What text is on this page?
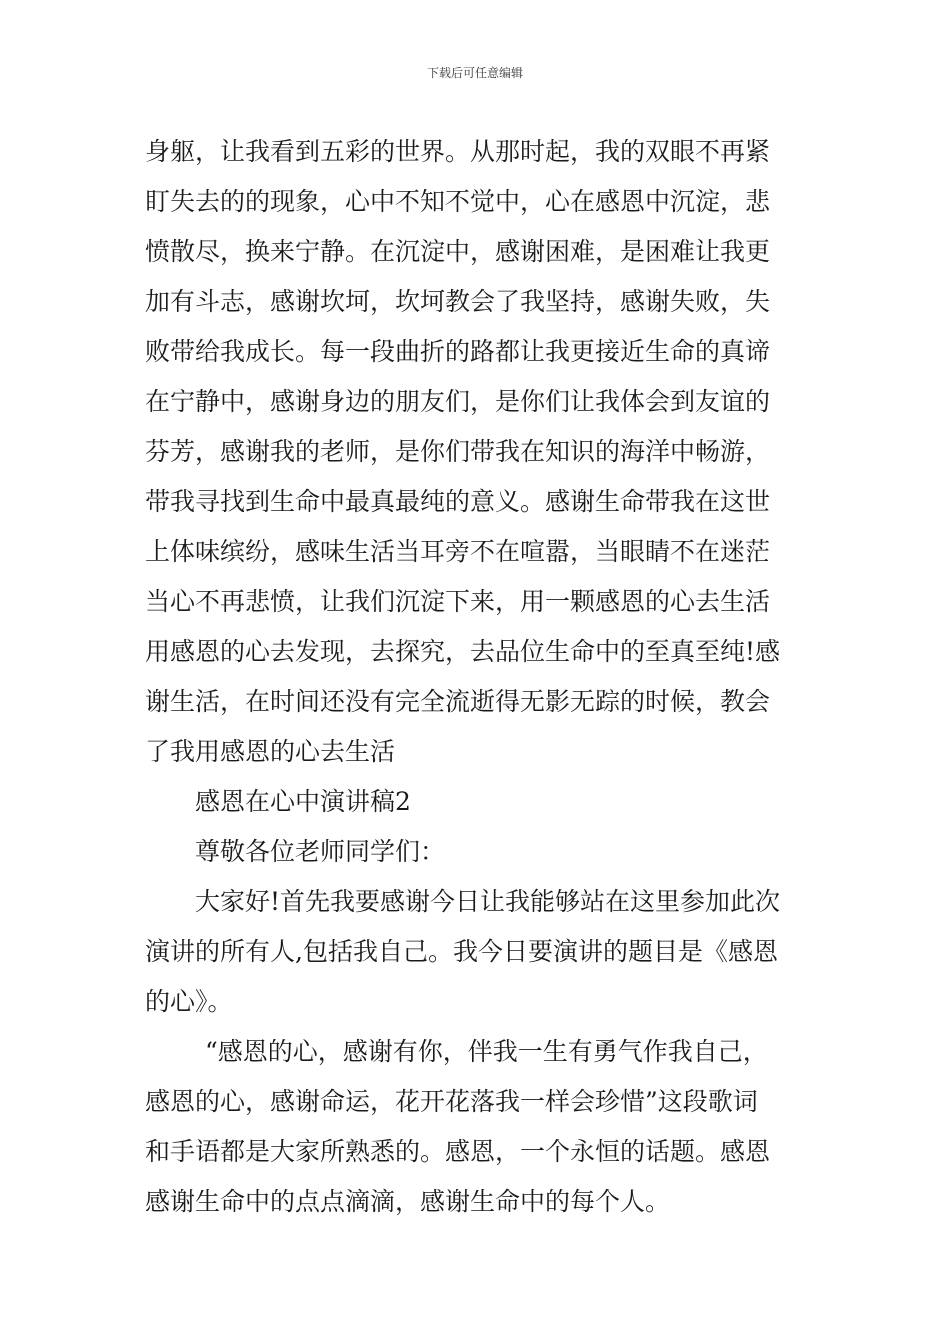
下载后可任意编辑
身躯，让我看到五彩的世界。从那时起，我的双眼不再紧
盯失去的的现象，心中不知不觉中，心在感恩中沉淀，悲
愤散尽，换来宁静。在沉淀中，感谢困难，是困难让我更
加有斗志，感谢坎坷，坎坷教会了我坚持，感谢失败，失
败带给我成长。每一段曲折的路都让我更接近生命的真谛
在宁静中，感谢身边的朋友们，是你们让我体会到友谊的
芬芳，感谢我的老师，是你们带我在知识的海洋中畅游，
带我寻找到生命中最真最纯的意义。感谢生命带我在这世
上体味缤纷，感味生活当耳旁不在喧嚣，当眼睛不在迷茫
当心不再悲愤，让我们沉淀下来，用一颗感恩的心去生活
用感恩的心去发现，去探究，去品位生命中的至真至纯!感
谢生活，在时间还没有完全流逝得无影无踪的时候，教会
了我用感恩的心去生活
感恩在心中演讲稿2
尊敬各位老师同学们：
大家好!首先我要感谢今日让我能够站在这里参加此次
演讲的所有人,包括我自己。我今日要演讲的题目是《感恩
的心》。
“感恩的心，感谢有你，伴我一生有勇气作我自己，
感恩的心，感谢命运，花开花落我一样会珍惜”这段歌词
和手语都是大家所熟悉的。感恩，一个永恒的话题。感恩
感谢生命中的点点滴滴，感谢生命中的每个人。
